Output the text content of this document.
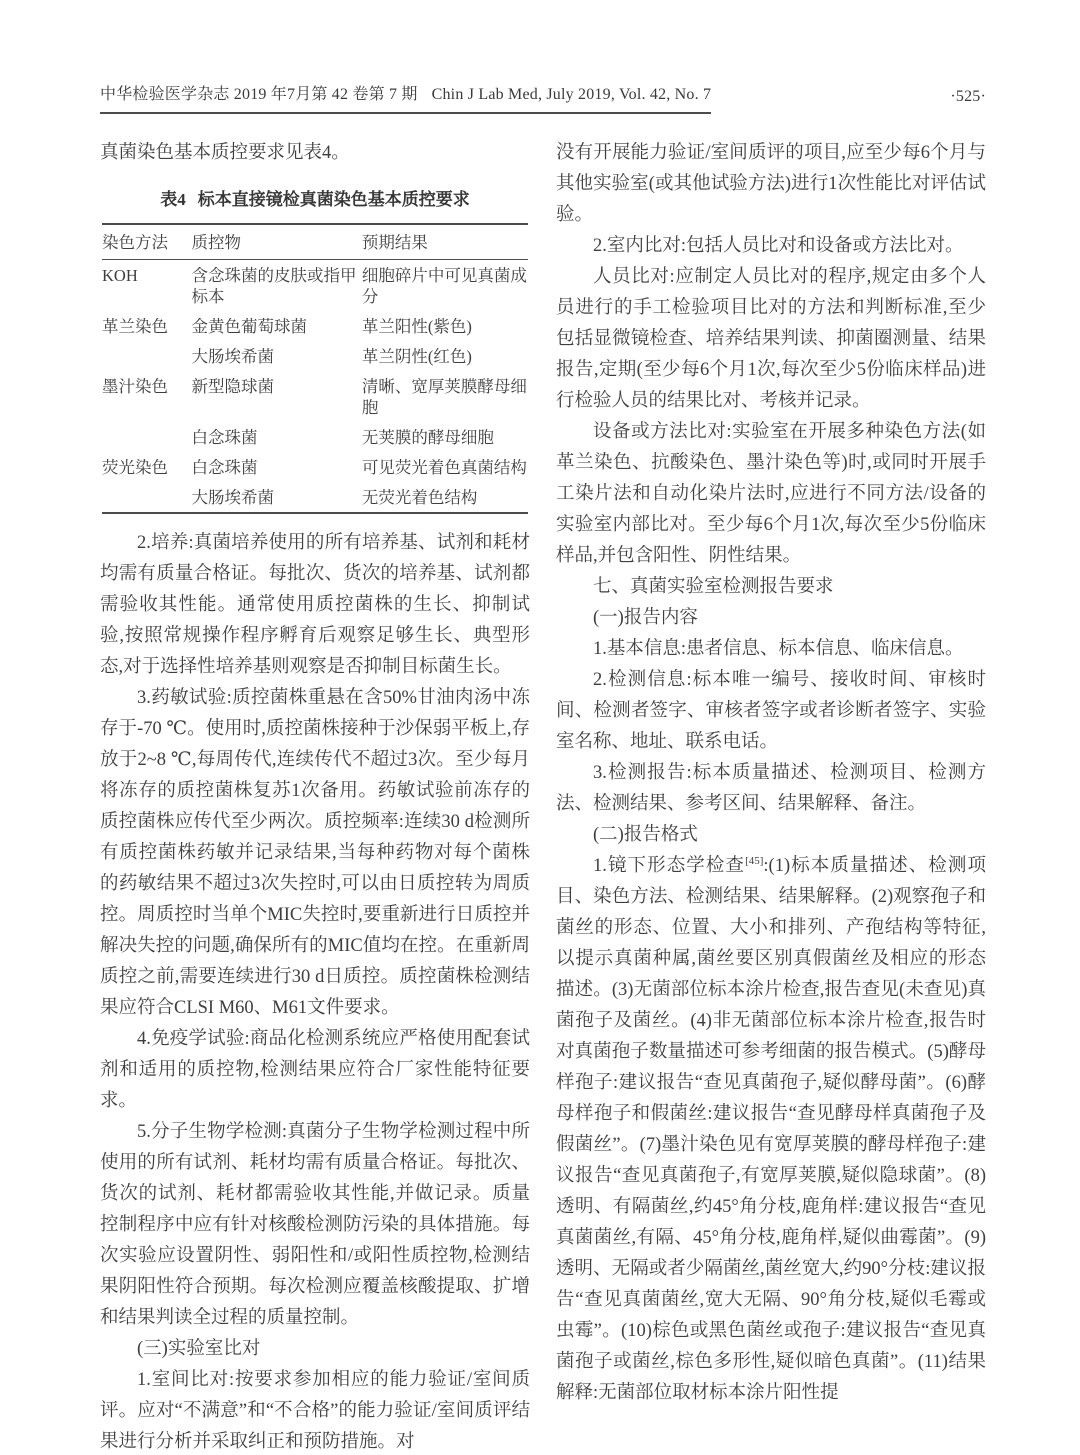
中华检验医学杂志 2019 年7月第 42 卷第 7 期 Chin J Lab Med, July 2019, Vol. 42, No. 7	·525·

真菌染色基本质控要求见表4。

表4 标本直接镜检真菌染色基本质控要求
染色方法	质控物	预期结果
KOH	含念珠菌的皮肤或指甲标本	细胞碎片中可见真菌成分
革兰染色	金黄色葡萄球菌	革兰阳性(紫色)
	大肠埃希菌	革兰阴性(红色)
墨汁染色	新型隐球菌	清晰、宽厚荚膜酵母细胞
	白念珠菌	无荚膜的酵母细胞
荧光染色	白念珠菌	可见荧光着色真菌结构
	大肠埃希菌	无荧光着色结构

2.培养:真菌培养使用的所有培养基、试剂和耗材均需有质量合格证。每批次、货次的培养基、试剂都需验收其性能。通常使用质控菌株的生长、抑制试验,按照常规操作程序孵育后观察足够生长、典型形态,对于选择性培养基则观察是否抑制目标菌生长。

3.药敏试验:质控菌株重悬在含50%甘油肉汤中冻存于-70 ℃。使用时,质控菌株接种于沙保弱平板上,存放于2~8 ℃,每周传代,连续传代不超过3次。至少每月将冻存的质控菌株复苏1次备用。药敏试验前冻存的质控菌株应传代至少两次。质控频率:连续30 d检测所有质控菌株药敏并记录结果,当每种药物对每个菌株的药敏结果不超过3次失控时,可以由日质控转为周质控。周质控时当单个MIC失控时,要重新进行日质控并解决失控的问题,确保所有的MIC值均在控。在重新周质控之前,需要连续进行30 d日质控。质控菌株检测结果应符合CLSI M60、M61文件要求。

4.免疫学试验:商品化检测系统应严格使用配套试剂和适用的质控物,检测结果应符合厂家性能特征要求。

5.分子生物学检测:真菌分子生物学检测过程中所使用的所有试剂、耗材均需有质量合格证。每批次、货次的试剂、耗材都需验收其性能,并做记录。质量控制程序中应有针对核酸检测防污染的具体措施。每次实验应设置阴性、弱阳性和/或阳性质控物,检测结果阴阳性符合预期。每次检测应覆盖核酸提取、扩增和结果判读全过程的质量控制。

(三)实验室比对

1.室间比对:按要求参加相应的能力验证/室间质评。应对“不满意”和“不合格”的能力验证/室间质评结果进行分析并采取纠正和预防措施。对

没有开展能力验证/室间质评的项目,应至少每6个月与其他实验室(或其他试验方法)进行1次性能比对评估试验。

2.室内比对:包括人员比对和设备或方法比对。

人员比对:应制定人员比对的程序,规定由多个人员进行的手工检验项目比对的方法和判断标准,至少包括显微镜检查、培养结果判读、抑菌圈测量、结果报告,定期(至少每6个月1次,每次至少5份临床样品)进行检验人员的结果比对、考核并记录。

设备或方法比对:实验室在开展多种染色方法(如革兰染色、抗酸染色、墨汁染色等)时,或同时开展手工染片法和自动化染片法时,应进行不同方法/设备的实验室内部比对。至少每6个月1次,每次至少5份临床样品,并包含阳性、阴性结果。

七、真菌实验室检测报告要求

(一)报告内容

1.基本信息:患者信息、标本信息、临床信息。

2.检测信息:标本唯一编号、接收时间、审核时间、检测者签字、审核者签字或者诊断者签字、实验室名称、地址、联系电话。

3.检测报告:标本质量描述、检测项目、检测方法、检测结果、参考区间、结果解释、备注。

(二)报告格式

1.镜下形态学检查[45]:(1)标本质量描述、检测项目、染色方法、检测结果、结果解释。(2)观察孢子和菌丝的形态、位置、大小和排列、产孢结构等特征,以提示真菌种属,菌丝要区别真假菌丝及相应的形态描述。(3)无菌部位标本涂片检查,报告查见(未查见)真菌孢子及菌丝。(4)非无菌部位标本涂片检查,报告时对真菌孢子数量描述可参考细菌的报告模式。(5)酵母样孢子:建议报告“查见真菌孢子,疑似酵母菌”。(6)酵母样孢子和假菌丝:建议报告“查见酵母样真菌孢子及假菌丝”。(7)墨汁染色见有宽厚荚膜的酵母样孢子:建议报告“查见真菌孢子,有宽厚荚膜,疑似隐球菌”。(8)透明、有隔菌丝,约45°角分枝,鹿角样:建议报告“查见真菌菌丝,有隔、45°角分枝,鹿角样,疑似曲霉菌”。(9)透明、无隔或者少隔菌丝,菌丝宽大,约90°分枝:建议报告“查见真菌菌丝,宽大无隔、90°角分枝,疑似毛霉或虫霉”。(10)棕色或黑色菌丝或孢子:建议报告“查见真菌孢子或菌丝,棕色多形性,疑似暗色真菌”。(11)结果解释:无菌部位取材标本涂片阳性提
